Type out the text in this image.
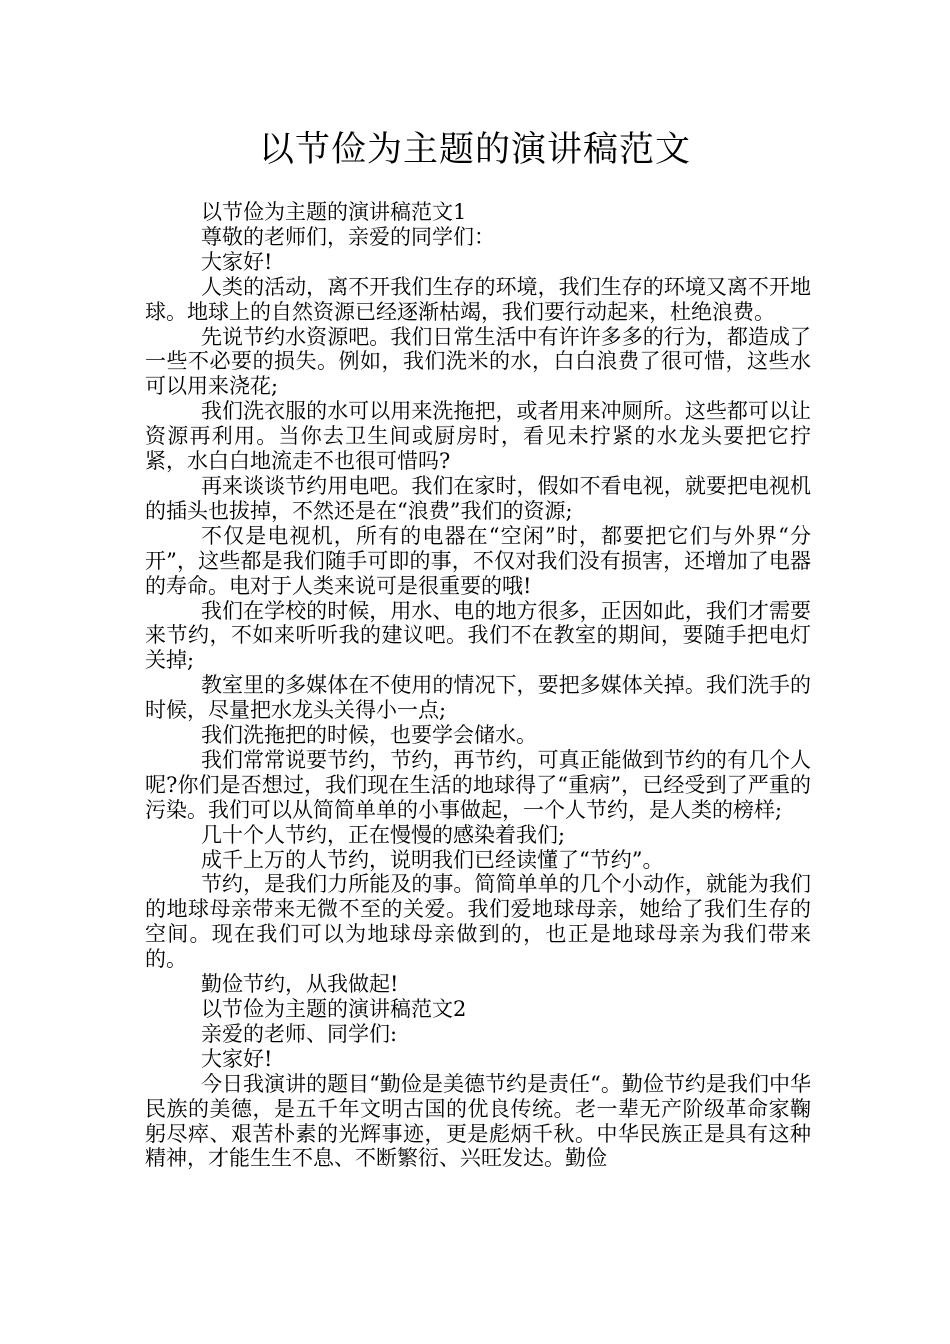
以节俭为主题的演讲稿范文

以节俭为主题的演讲稿范文1

尊敬的老师们，亲爱的同学们：

大家好!

人类的活动，离不开我们生存的环境，我们生存的环境又离不开地球。地球上的自然资源已经逐渐枯竭，我们要行动起来，杜绝浪费。

先说节约水资源吧。我们日常生活中有许许多多的行为，都造成了一些不必要的损失。例如，我们洗米的水，白白浪费了很可惜，这些水可以用来浇花;

我们洗衣服的水可以用来洗拖把，或者用来冲厕所。这些都可以让资源再利用。当你去卫生间或厨房时，看见未拧紧的水龙头要把它拧紧，水白白地流走不也很可惜吗?

再来谈谈节约用电吧。我们在家时，假如不看电视，就要把电视机的插头也拔掉，不然还是在“浪费”我们的资源;

不仅是电视机，所有的电器在“空闲”时，都要把它们与外界“分开”，这些都是我们随手可即的事，不仅对我们没有损害，还增加了电器的寿命。电对于人类来说可是很重要的哦!

我们在学校的时候，用水、电的地方很多，正因如此，我们才需要来节约，不如来听听我的建议吧。我们不在教室的期间，要随手把电灯关掉;

教室里的多媒体在不使用的情况下，要把多媒体关掉。我们洗手的时候，尽量把水龙头关得小一点;

我们洗拖把的时候，也要学会储水。

我们常常说要节约，节约，再节约，可真正能做到节约的有几个人呢?你们是否想过，我们现在生活的地球得了“重病”，已经受到了严重的污染。我们可以从简简单单的小事做起，一个人节约，是人类的榜样;

几十个人节约，正在慢慢的感染着我们;

成千上万的人节约，说明我们已经读懂了“节约”。

节约，是我们力所能及的事。简简单单的几个小动作，就能为我们的地球母亲带来无微不至的关爱。我们爱地球母亲，她给了我们生存的空间。现在我们可以为地球母亲做到的，也正是地球母亲为我们带来的。

勤俭节约，从我做起!

以节俭为主题的演讲稿范文2

亲爱的老师、同学们:

大家好!

今日我演讲的题目“勤俭是美德节约是责任“。勤俭节约是我们中华民族的美德，是五千年文明古国的优良传统。老一辈无产阶级革命家鞠躬尽瘁、艰苦朴素的光辉事迹，更是彪炳千秋。中华民族正是具有这种精神，才能生生不息、不断繁衍、兴旺发达。勤俭
